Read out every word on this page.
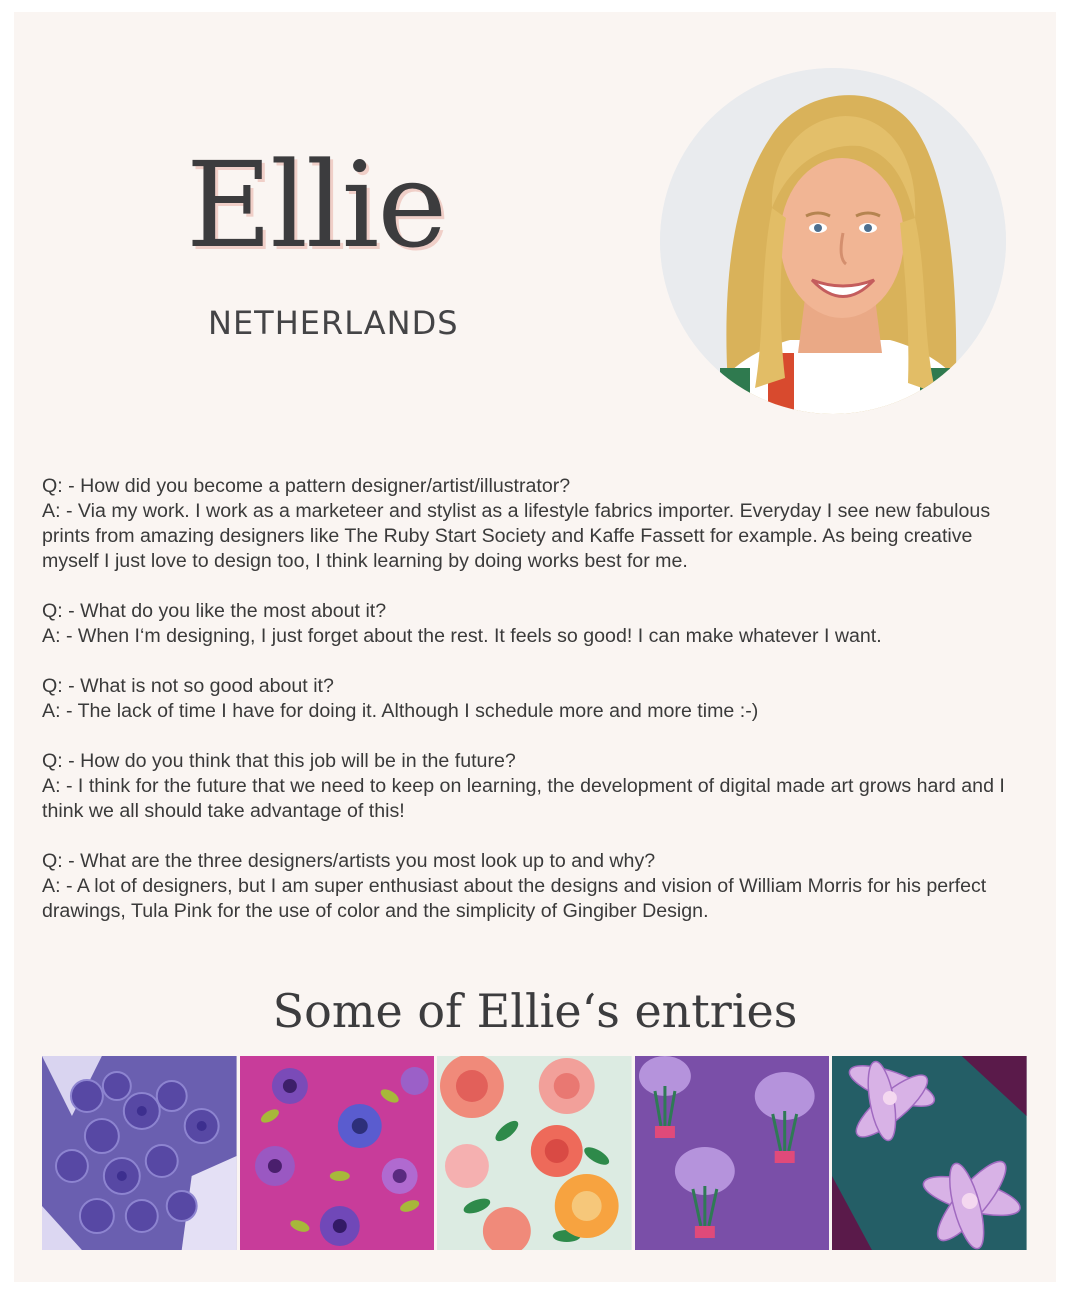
Ellie
NETHERLANDS

Q: - How did you become a pattern designer/artist/illustrator?

A: - Via my work. I work as a marketeer and stylist as a lifestyle fabrics importer. Everyday I see new fabulous prints from amazing designers like The Ruby Start Society and Kaffe Fassett for example. As being creative myself I just love to design too, I think learning by doing works best for me.

Q: - What do you like the most about it?

A: - When I‘m designing, I just forget about the rest. It feels so good! I can make whatever I want.

Q: - What is not so good about it?

A: - The lack of time I have for doing it. Although I schedule more and more time :-)

Q: - How do you think that this job will be in the future?

A: - I think for the future that we need to keep on learning, the development of digital made art grows hard and I think we all should take advantage of this!

Q: - What are the three designers/artists you most look up to and why?

A: - A lot of designers, but I am super enthusiast about the designs and vision of William Morris for his perfect drawings, Tula Pink for the use of color and the simplicity of Gingiber Design.

Some of Ellie‘s entries
